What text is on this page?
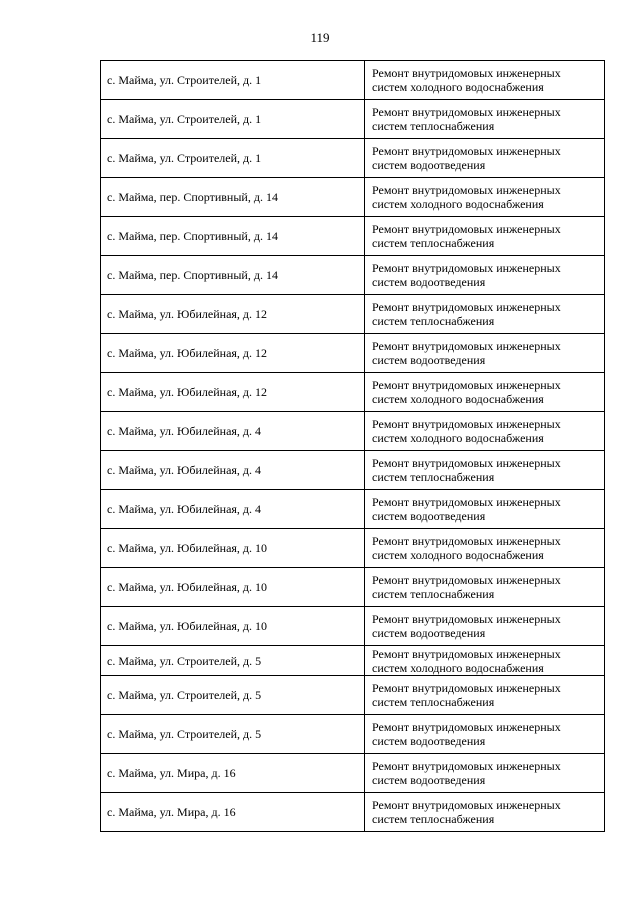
119
с. Майма, ул. Строителей, д. 1	Ремонт внутридомовых инженерных
систем холодного водоснабжения

с. Майма, ул. Строителей, д. 1	Ремонт внутридомовых инженерных
систем теплоснабжения

с. Майма, ул. Строителей, д. 1	Ремонт внутридомовых инженерных
систем водоотведения

с. Майма, пер. Спортивный, д. 14	Ремонт внутридомовых инженерных
систем холодного водоснабжения

с. Майма, пер. Спортивный, д. 14	Ремонт внутридомовых инженерных
систем теплоснабжения

с. Майма, пер. Спортивный, д. 14	Ремонт внутридомовых инженерных
систем водоотведения

с. Майма, ул. Юбилейная, д. 12	Ремонт внутридомовых инженерных
систем теплоснабжения

с. Майма, ул. Юбилейная, д. 12	Ремонт внутридомовых инженерных
систем водоотведения

с. Майма, ул. Юбилейная, д. 12	Ремонт внутридомовых инженерных
систем холодного водоснабжения

с. Майма, ул. Юбилейная, д. 4	Ремонт внутридомовых инженерных
систем холодного водоснабжения

с. Майма, ул. Юбилейная, д. 4	Ремонт внутридомовых инженерных
систем теплоснабжения

с. Майма, ул. Юбилейная, д. 4	Ремонт внутридомовых инженерных
систем водоотведения

с. Майма, ул. Юбилейная, д. 10	Ремонт внутридомовых инженерных
систем холодного водоснабжения

с. Майма, ул. Юбилейная, д. 10	Ремонт внутридомовых инженерных
систем теплоснабжения

с. Майма, ул. Юбилейная, д. 10	Ремонт внутридомовых инженерных
систем водоотведения

с. Майма, ул. Строителей, д. 5	Ремонт внутридомовых инженерных
систем холодного водоснабжения

с. Майма, ул. Строителей, д. 5	Ремонт внутридомовых инженерных
систем теплоснабжения

с. Майма, ул. Строителей, д. 5	Ремонт внутридомовых инженерных
систем водоотведения

с. Майма, ул. Мира, д. 16	Ремонт внутридомовых инженерных
систем водоотведения

с. Майма, ул. Мира, д. 16	Ремонт внутридомовых инженерных
систем теплоснабжения
